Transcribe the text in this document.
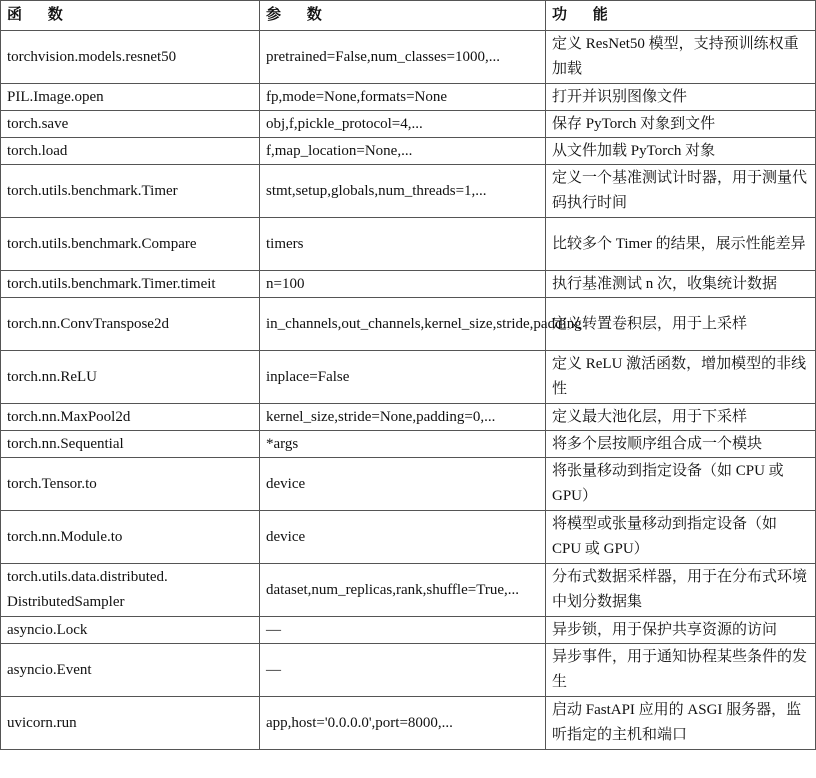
函 数	参 数	功 能
torchvision.models.resnet50	pretrained=False,num_classes=1000,...	定义 ResNet50 模型，支持预训练权重加载
PIL.Image.open	fp,mode=None,formats=None	打开并识别图像文件
torch.save	obj,f,pickle_protocol=4,...	保存 PyTorch 对象到文件
torch.load	f,map_location=None,...	从文件加载 PyTorch 对象
torch.utils.benchmark.Timer	stmt,setup,globals,num_threads=1,...	定义一个基准测试计时器，用于测量代码执行时间
torch.utils.benchmark.Compare	timers	比较多个 Timer 的结果，展示性能差异
torch.utils.benchmark.Timer.timeit	n=100	执行基准测试 n 次，收集统计数据
torch.nn.ConvTranspose2d	in_channels,out_channels,kernel_size,stride,padding	定义转置卷积层，用于上采样
torch.nn.ReLU	inplace=False	定义 ReLU 激活函数，增加模型的非线性
torch.nn.MaxPool2d	kernel_size,stride=None,padding=0,...	定义最大池化层，用于下采样
torch.nn.Sequential	*args	将多个层按顺序组合成一个模块
torch.Tensor.to	device	将张量移动到指定设备（如 CPU 或 GPU）
torch.nn.Module.to	device	将模型或张量移动到指定设备（如 CPU 或 GPU）
torch.utils.data.distributed.DistributedSampler	dataset,num_replicas,rank,shuffle=True,...	分布式数据采样器，用于在分布式环境中划分数据集
asyncio.Lock	—	异步锁，用于保护共享资源的访问
asyncio.Event	—	异步事件，用于通知协程某些条件的发生
uvicorn.run	app,host='0.0.0.0',port=8000,...	启动 FastAPI 应用的 ASGI 服务器，监听指定的主机和端口
